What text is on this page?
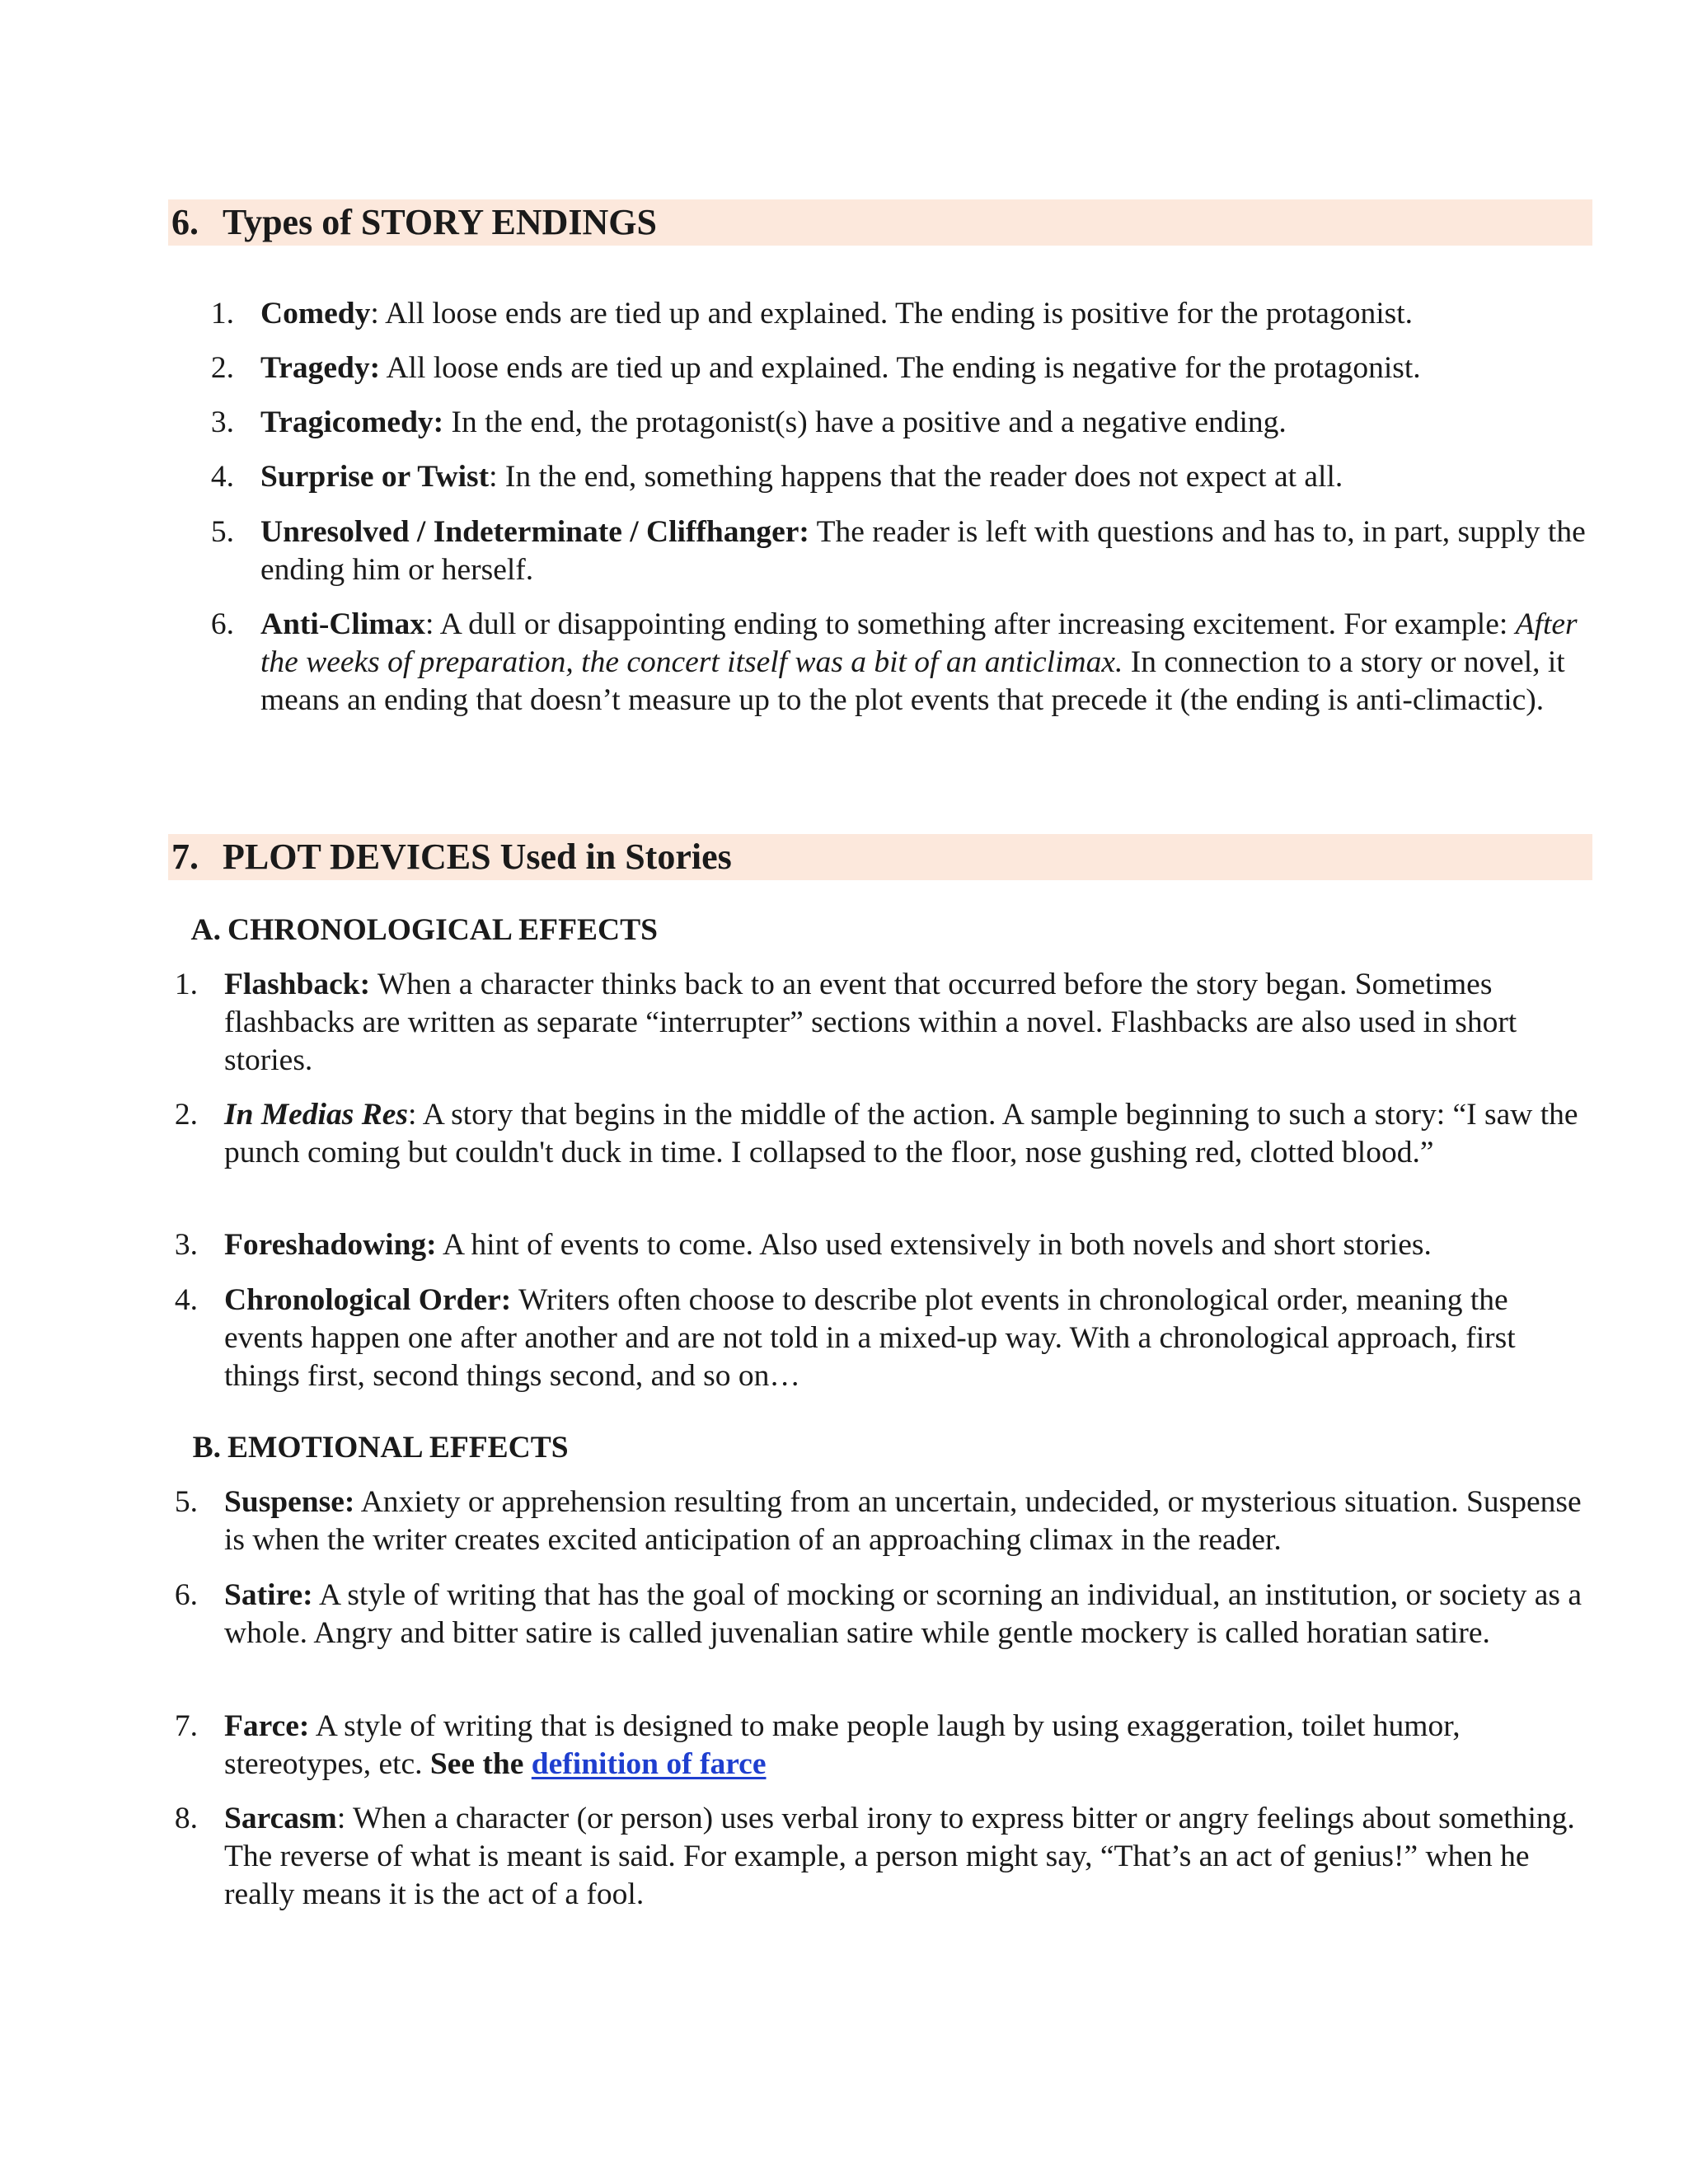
6. Types of STORY ENDINGS
1. Comedy: All loose ends are tied up and explained. The ending is positive for the protagonist.
2. Tragedy: All loose ends are tied up and explained. The ending is negative for the protagonist.
3. Tragicomedy: In the end, the protagonist(s) have a positive and a negative ending.
4. Surprise or Twist: In the end, something happens that the reader does not expect at all.
5. Unresolved / Indeterminate / Cliffhanger: The reader is left with questions and has to, in part, supply the ending him or herself.
6. Anti-Climax: A dull or disappointing ending to something after increasing excitement. For example: After the weeks of preparation, the concert itself was a bit of an anticlimax. In connection to a story or novel, it means an ending that doesn’t measure up to the plot events that precede it (the ending is anti-climactic).
7. PLOT DEVICES Used in Stories
A. CHRONOLOGICAL EFFECTS
1. Flashback: When a character thinks back to an event that occurred before the story began. Sometimes flashbacks are written as separate “interrupter” sections within a novel. Flashbacks are also used in short stories.
2. In Medias Res: A story that begins in the middle of the action. A sample beginning to such a story: “I saw the punch coming but couldn't duck in time. I collapsed to the floor, nose gushing red, clotted blood.”
3. Foreshadowing: A hint of events to come. Also used extensively in both novels and short stories.
4. Chronological Order: Writers often choose to describe plot events in chronological order, meaning the events happen one after another and are not told in a mixed-up way. With a chronological approach, first things first, second things second, and so on…
B. EMOTIONAL EFFECTS
5. Suspense: Anxiety or apprehension resulting from an uncertain, undecided, or mysterious situation. Suspense is when the writer creates excited anticipation of an approaching climax in the reader.
6. Satire: A style of writing that has the goal of mocking or scorning an individual, an institution, or society as a whole. Angry and bitter satire is called juvenalian satire while gentle mockery is called horatian satire.
7. Farce: A style of writing that is designed to make people laugh by using exaggeration, toilet humor, stereotypes, etc. See the definition of farce
8. Sarcasm: When a character (or person) uses verbal irony to express bitter or angry feelings about something. The reverse of what is meant is said. For example, a person might say, “That’s an act of genius!” when he really means it is the act of a fool.
